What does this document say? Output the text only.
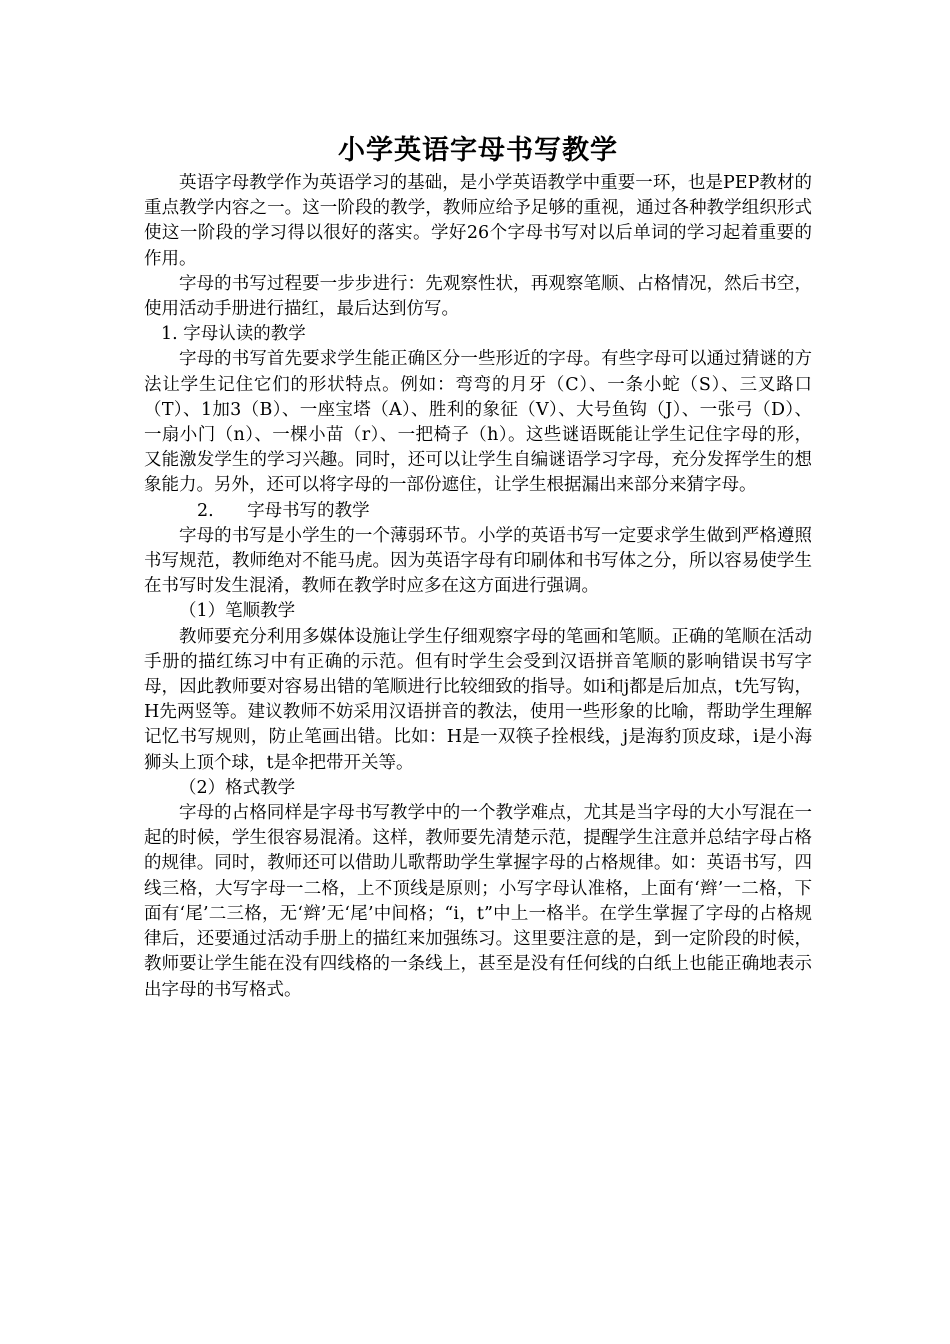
小学英语字母书写教学

英语字母教学作为英语学习的基础，是小学英语教学中重要一环，也是PEP教材的重点教学内容之一。这一阶段的教学，教师应给予足够的重视，通过各种教学组织形式使这一阶段的学习得以很好的落实。学好26个字母书写对以后单词的学习起着重要的作用。

字母的书写过程要一步步进行：先观察性状，再观察笔顺、占格情况，然后书空，使用活动手册进行描红，最后达到仿写。

1. 字母认读的教学

字母的书写首先要求学生能正确区分一些形近的字母。有些字母可以通过猜谜的方法让学生记住它们的形状特点。例如：弯弯的月牙（C）、一条小蛇（S）、三叉路口（T）、1加3（B）、一座宝塔（A）、胜利的象征（V）、大号鱼钩（J）、一张弓（D）、一扇小门（n）、一棵小苗（r）、一把椅子（h）。这些谜语既能让学生记住字母的形，又能激发学生的学习兴趣。同时，还可以让学生自编谜语学习字母，充分发挥学生的想象能力。另外，还可以将字母的一部份遮住，让学生根据漏出来部分来猜字母。

2.      字母书写的教学

字母的书写是小学生的一个薄弱环节。小学的英语书写一定要求学生做到严格遵照书写规范，教师绝对不能马虎。因为英语字母有印刷体和书写体之分，所以容易使学生在书写时发生混淆，教师在教学时应多在这方面进行强调。

（1）笔顺教学

教师要充分利用多媒体设施让学生仔细观察字母的笔画和笔顺。正确的笔顺在活动手册的描红练习中有正确的示范。但有时学生会受到汉语拼音笔顺的影响错误书写字母，因此教师要对容易出错的笔顺进行比较细致的指导。如i和j都是后加点，t先写钩，H先两竖等。建议教师不妨采用汉语拼音的教法，使用一些形象的比喻，帮助学生理解记忆书写规则，防止笔画出错。比如：H是一双筷子拴根线，j是海豹顶皮球，i是小海狮头上顶个球，t是伞把带开关等。

（2）格式教学

字母的占格同样是字母书写教学中的一个教学难点，尤其是当字母的大小写混在一起的时候，学生很容易混淆。这样，教师要先清楚示范，提醒学生注意并总结字母占格的规律。同时，教师还可以借助儿歌帮助学生掌握字母的占格规律。如：英语书写，四线三格，大写字母一二格，上不顶线是原则；小写字母认准格，上面有‘辫’一二格，下面有‘尾’二三格，无‘辫’无‘尾’中间格；“i，t”中上一格半。在学生掌握了字母的占格规律后，还要通过活动手册上的描红来加强练习。这里要注意的是，到一定阶段的时候，教师要让学生能在没有四线格的一条线上，甚至是没有任何线的白纸上也能正确地表示出字母的书写格式。
